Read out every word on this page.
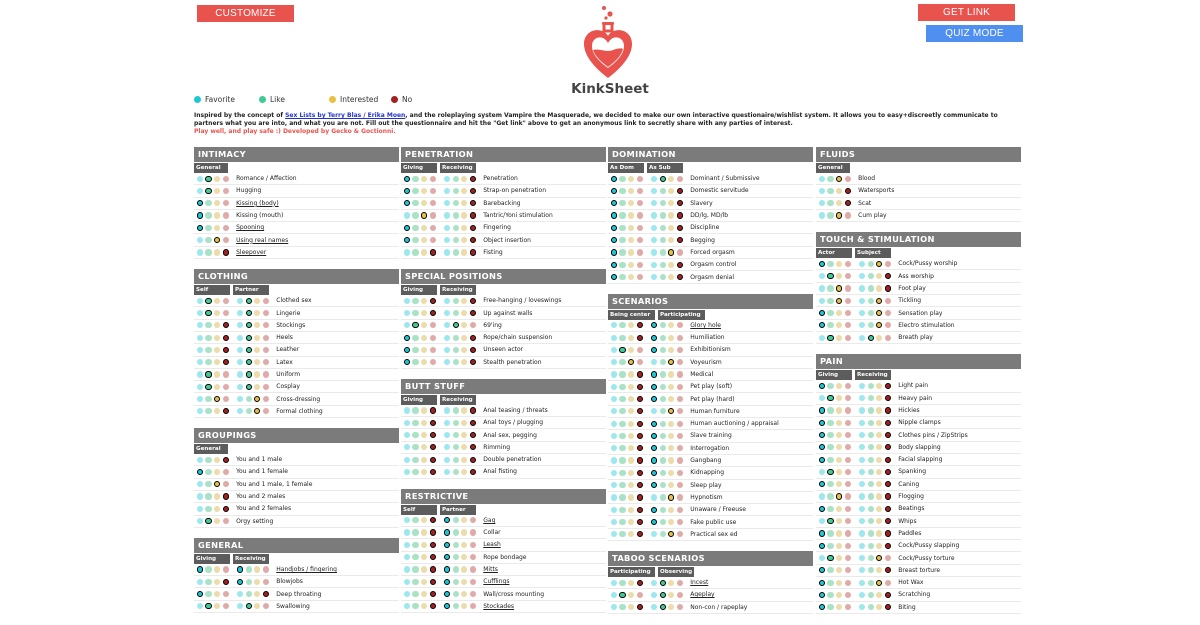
CUSTOMIZE	GET LINK
QUIZ MODE
KinkSheet
Favorite	Like	Interested	No
Inspired by the concept of Sex Lists by Terry Blas / Erika Moen, and the roleplaying system Vampire the Masquerade, we decided to make our own interactive questionaire/wishlist system. It allows you to easy+discreetly communicate to partners what you are into, and what you are not. Fill out the questionnaire and hit the "Get link" above to get an anonymous link to secretly share with any parties of interest.
Play well, and play safe :) Developed by Gecko & Goctionni.
INTIMACY
General
Romance / Affection
Hugging
Kissing (body)
Kissing (mouth)
Spooning
Using real names
Sleepover
CLOTHING
Self	Partner
Clothed sex
Lingerie
Stockings
Heels
Leather
Latex
Uniform
Cosplay
Cross-dressing
Formal clothing
GROUPINGS
General
You and 1 male
You and 1 female
You and 1 male, 1 female
You and 2 males
You and 2 females
Orgy setting
GENERAL
Giving	Receiving
Handjobs / fingering
Blowjobs
Deep throating
Swallowing
PENETRATION
Giving	Receiving
Penetration
Strap-on penetration
Barebacking
Tantric/Yoni stimulation
Fingering
Object insertion
Fisting
SPECIAL POSITIONS
Giving	Receiving
Free-hanging / loveswings
Up against walls
69'ing
Rope/chain suspension
Unseen actor
Stealth penetration
BUTT STUFF
Giving	Receiving
Anal teasing / threats
Anal toys / plugging
Anal sex, pegging
Rimming
Double penetration
Anal fisting
RESTRICTIVE
Self	Partner
Gag
Collar
Leash
Rope bondage
Mitts
Cufflings
Wall/cross mounting
Stockades
DOMINATION
As Dom	As Sub
Dominant / Submissive
Domestic servitude
Slavery
DD/lg, MD/lb
Discipline
Begging
Forced orgasm
Orgasm control
Orgasm denial
SCENARIOS
Being center	Participating
Glory hole
Humiliation
Exhibitionism
Voyeurism
Medical
Pet play (soft)
Pet play (hard)
Human furniture
Human auctioning / appraisal
Slave training
Interrogation
Gangbang
Kidnapping
Sleep play
Hypnotism
Unaware / Freeuse
Fake public use
Practical sex ed
TABOO SCENARIOS
Participating	Observing
Incest
Ageplay
Non-con / rapeplay
FLUIDS
General
Blood
Watersports
Scat
Cum play
TOUCH & STIMULATION
Actor	Subject
Cock/Pussy worship
Ass worship
Foot play
Tickling
Sensation play
Electro stimulation
Breath play
PAIN
Giving	Receiving
Light pain
Heavy pain
Hickies
Nipple clamps
Clothes pins / ZipStrips
Body slapping
Facial slapping
Spanking
Caning
Flogging
Beatings
Whips
Paddles
Cock/Pussy slapping
Cock/Pussy torture
Breast torture
Hot Wax
Scratching
Biting
